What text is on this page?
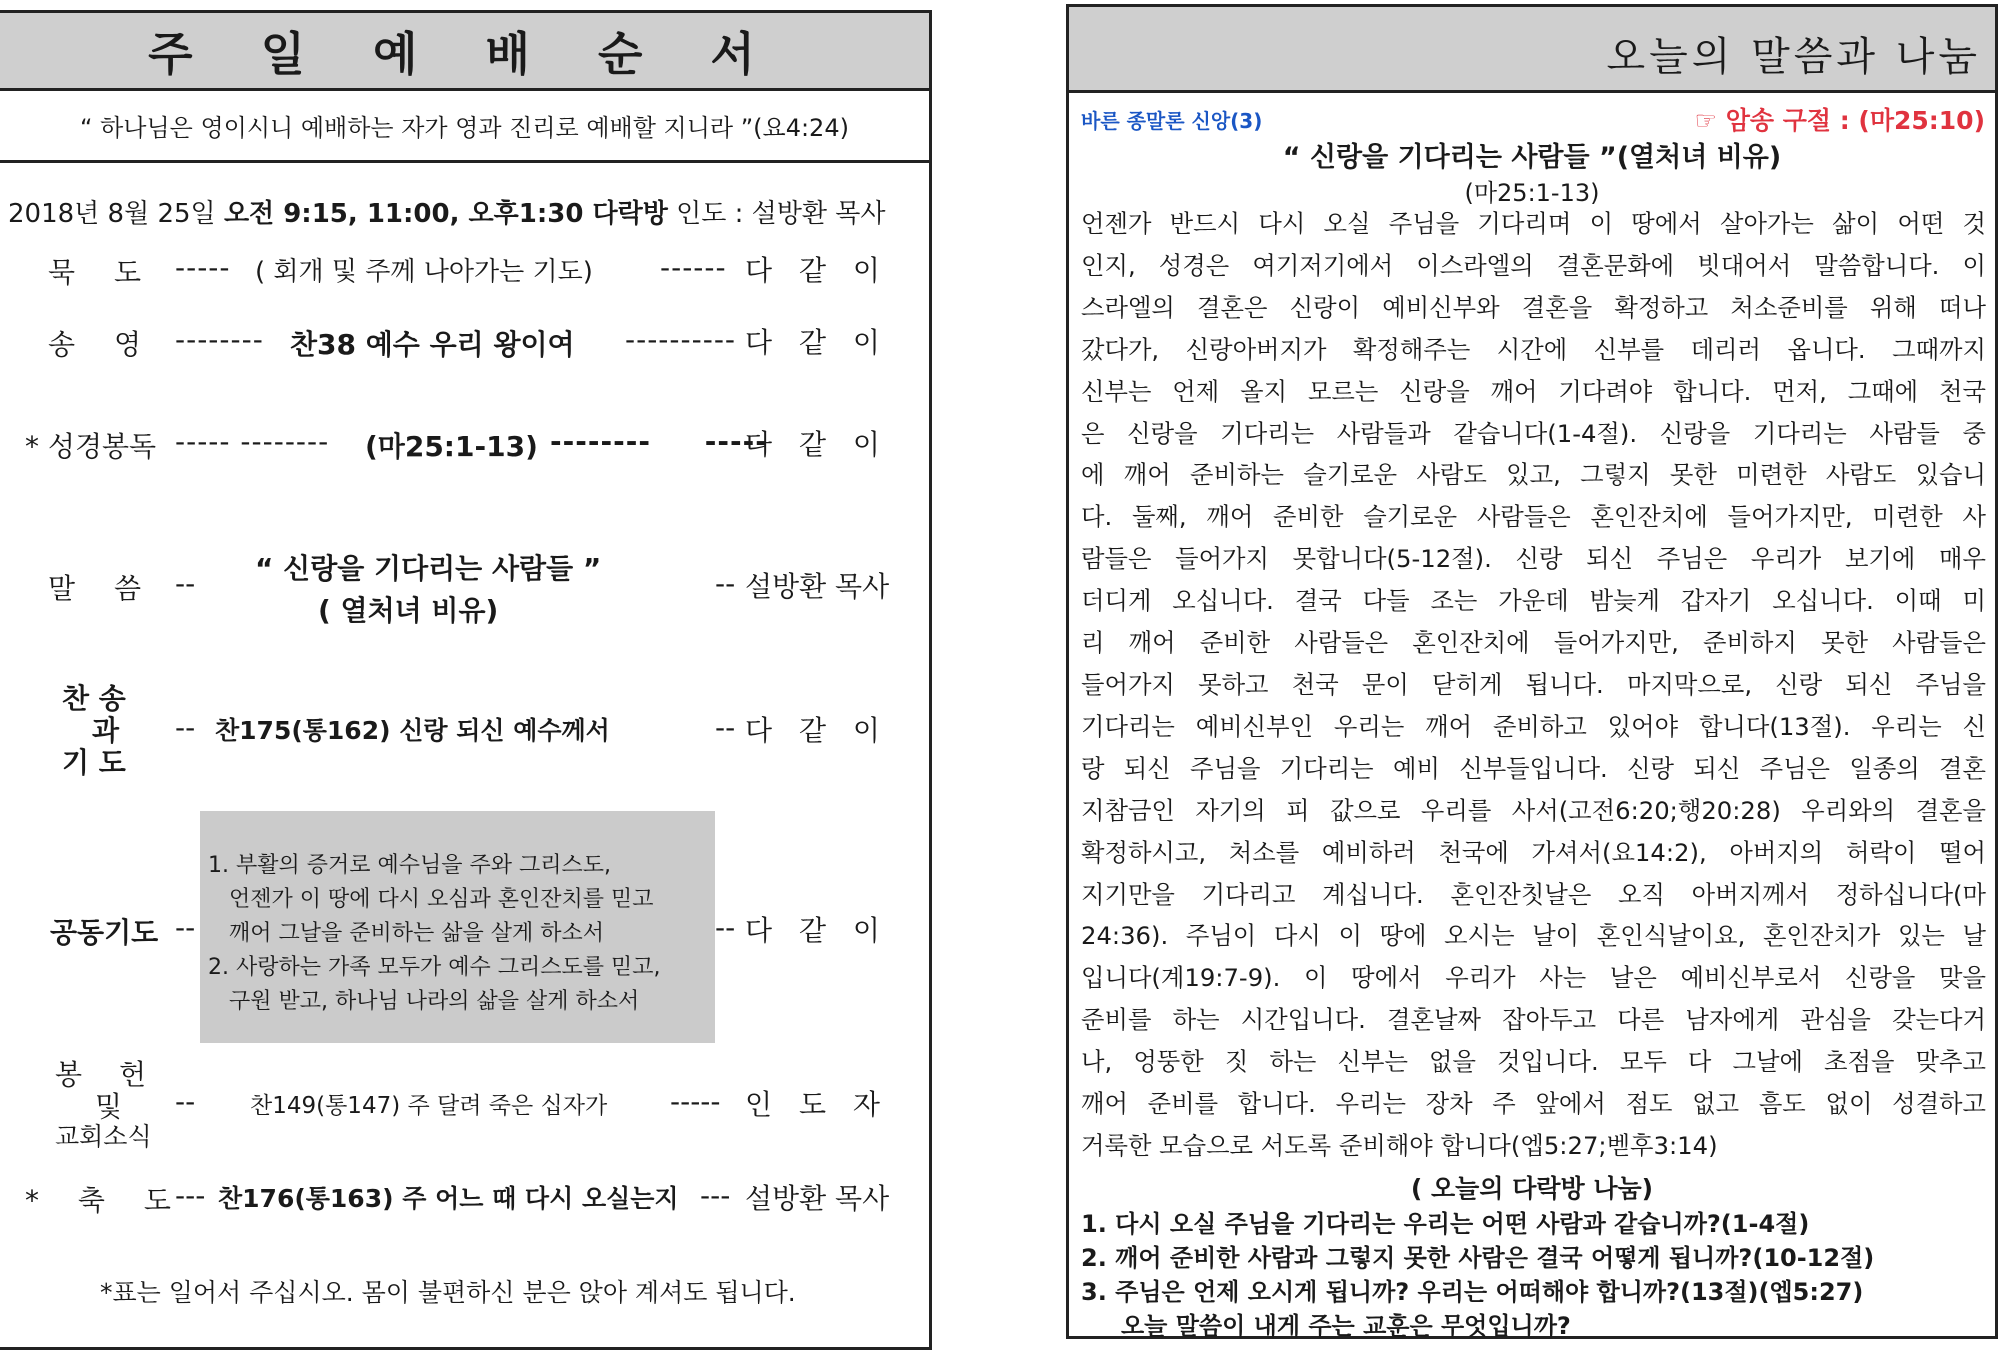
주 일 예 배 순 서
“ 하나님은 영이시니 예배하는 자가 영과 진리로 예배할 지니라 ”(요4:24)
2018년 8월 25일 오전 9:15, 11:00, 오후1:30 다락방 인도 : 설방환 목사
묵 도 ----- ( 회개 및 주께 나아가는 기도) ------ 다 같 이
송 영 -------- 찬38 예수 우리 왕이여 ---------- 다 같 이
* 성경봉독 ----- -------- (마25:1-13) --------     -----
다 같 이
말 씀 -- “ 신랑을 기다리는 사람들 ”
( 열처녀 비유)
-- 설방환 목사
찬 송
과
기 도
-- 찬175(통162) 신랑 되신 예수께서	-- 다 같 이
공동기도 --
1. 부활의 증거로 예수님을 주와 그리스도,
언젠가 이 땅에 다시 오심과 혼인잔치를 믿고
깨어 그날을 준비하는 삶을 살게 하소서
2. 사랑하는 가족 모두가 예수 그리스도를 믿고,
구원 받고, 하나님 나라의 삶을 살게 하소서
-- 다 같 이
봉 헌
및
교회소식
-- 찬149(통147) 주 달려 죽은 십자가 ----- 인 도 자
* 축 도 --- 찬176(통163) 주 어느 때 다시 오실는지 --- 설방환 목사
*표는 일어서 주십시오. 몸이 불편하신 분은 앉아 계셔도 됩니다.
오늘의 말씀과 나눔
바른 종말론 신앙(3)	☞ 암송 구절 : (마25:10)
“ 신랑을 기다리는 사람들 ”(열처녀 비유)
(마25:1-13)
언젠가 반드시 다시 오실 주님을 기다리며 이 땅에서 살아가는 삶이 어떤 것
인지, 성경은 여기저기에서 이스라엘의 결혼문화에 빗대어서 말씀합니다. 이
스라엘의 결혼은 신랑이 예비신부와 결혼을 확정하고 처소준비를 위해 떠나
갔다가, 신랑아버지가 확정해주는 시간에 신부를 데리러 옵니다. 그때까지
신부는 언제 올지 모르는 신랑을 깨어 기다려야 합니다. 먼저, 그때에 천국
은 신랑을 기다리는 사람들과 같습니다(1-4절). 신랑을 기다리는 사람들 중
에 깨어 준비하는 슬기로운 사람도 있고, 그렇지 못한 미련한 사람도 있습니
다. 둘째, 깨어 준비한 슬기로운 사람들은 혼인잔치에 들어가지만, 미련한 사
람들은 들어가지 못합니다(5-12절). 신랑 되신 주님은 우리가 보기에 매우
더디게 오십니다. 결국 다들 조는 가운데 밤늦게 갑자기 오십니다. 이때 미
리 깨어 준비한 사람들은 혼인잔치에 들어가지만, 준비하지 못한 사람들은
들어가지 못하고 천국 문이 닫히게 됩니다. 마지막으로, 신랑 되신 주님을
기다리는 예비신부인 우리는 깨어 준비하고 있어야 합니다(13절). 우리는 신
랑 되신 주님을 기다리는 예비 신부들입니다. 신랑 되신 주님은 일종의 결혼
지참금인 자기의 피 값으로 우리를 사서(고전6:20;행20:28) 우리와의 결혼을
확정하시고, 처소를 예비하러 천국에 가셔서(요14:2), 아버지의 허락이 떨어
지기만을 기다리고 계십니다. 혼인잔칫날은 오직 아버지께서 정하십니다(마
24:36). 주님이 다시 이 땅에 오시는 날이 혼인식날이요, 혼인잔치가 있는 날
입니다(계19:7-9). 이 땅에서 우리가 사는 날은 예비신부로서 신랑을 맞을
준비를 하는 시간입니다. 결혼날짜 잡아두고 다른 남자에게 관심을 갖는다거
나, 엉뚱한 짓 하는 신부는 없을 것입니다. 모두 다 그날에 초점을 맞추고
깨어 준비를 합니다. 우리는 장차 주 앞에서 점도 없고 흠도 없이 성결하고
거룩한 모습으로 서도록 준비해야 합니다(엡5:27;벧후3:14)
( 오늘의 다락방 나눔)
1. 다시 오실 주님을 기다리는 우리는 어떤 사람과 같습니까?(1-4절)
2. 깨어 준비한 사람과 그렇지 못한 사람은 결국 어떻게 됩니까?(10-12절)
3. 주님은 언제 오시게 됩니까? 우리는 어떠해야 합니까?(13절)(엡5:27)
오늘 말씀이 내게 주는 교훈은 무엇입니까?
